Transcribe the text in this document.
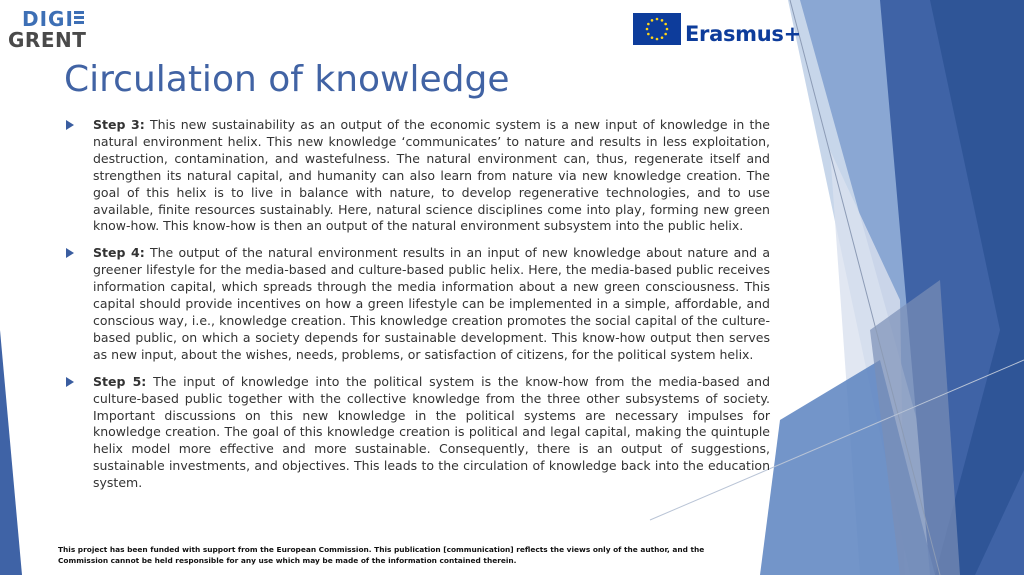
DIGI
GRENT	Erasmus+
Circulation of knowledge
Step 3: This new sustainability as an output of the economic system is a new input of knowledge in the natural environment helix. This new knowledge ‘communicates’ to nature and results in less exploitation, destruction, contamination, and wastefulness. The natural environment can, thus, regenerate itself and strengthen its natural capital, and humanity can also learn from nature via new knowledge creation. The goal of this helix is to live in balance with nature, to develop regenerative technologies, and to use available, finite resources sustainably. Here, natural science disciplines come into play, forming new green know-how. This know-how is then an output of the natural environment subsystem into the public helix.
Step 4: The output of the natural environment results in an input of new knowledge about nature and a greener lifestyle for the media-based and culture-based public helix. Here, the media-based public receives information capital, which spreads through the media information about a new green consciousness. This capital should provide incentives on how a green lifestyle can be implemented in a simple, affordable, and conscious way, i.e., knowledge creation. This knowledge creation promotes the social capital of the culture-based public, on which a society depends for sustainable development. This know-how output then serves as new input, about the wishes, needs, problems, or satisfaction of citizens, for the political system helix.
Step 5: The input of knowledge into the political system is the know-how from the media-based and culture-based public together with the collective knowledge from the three other subsystems of society. Important discussions on this new knowledge in the political systems are necessary impulses for knowledge creation. The goal of this knowledge creation is political and legal capital, making the quintuple helix model more effective and more sustainable. Consequently, there is an output of suggestions, sustainable investments, and objectives. This leads to the circulation of knowledge back into the education system.
This project has been funded with support from the European Commission. This publication [communication] reflects the views only of the author, and the Commission cannot be held responsible for any use which may be made of the information contained therein.
